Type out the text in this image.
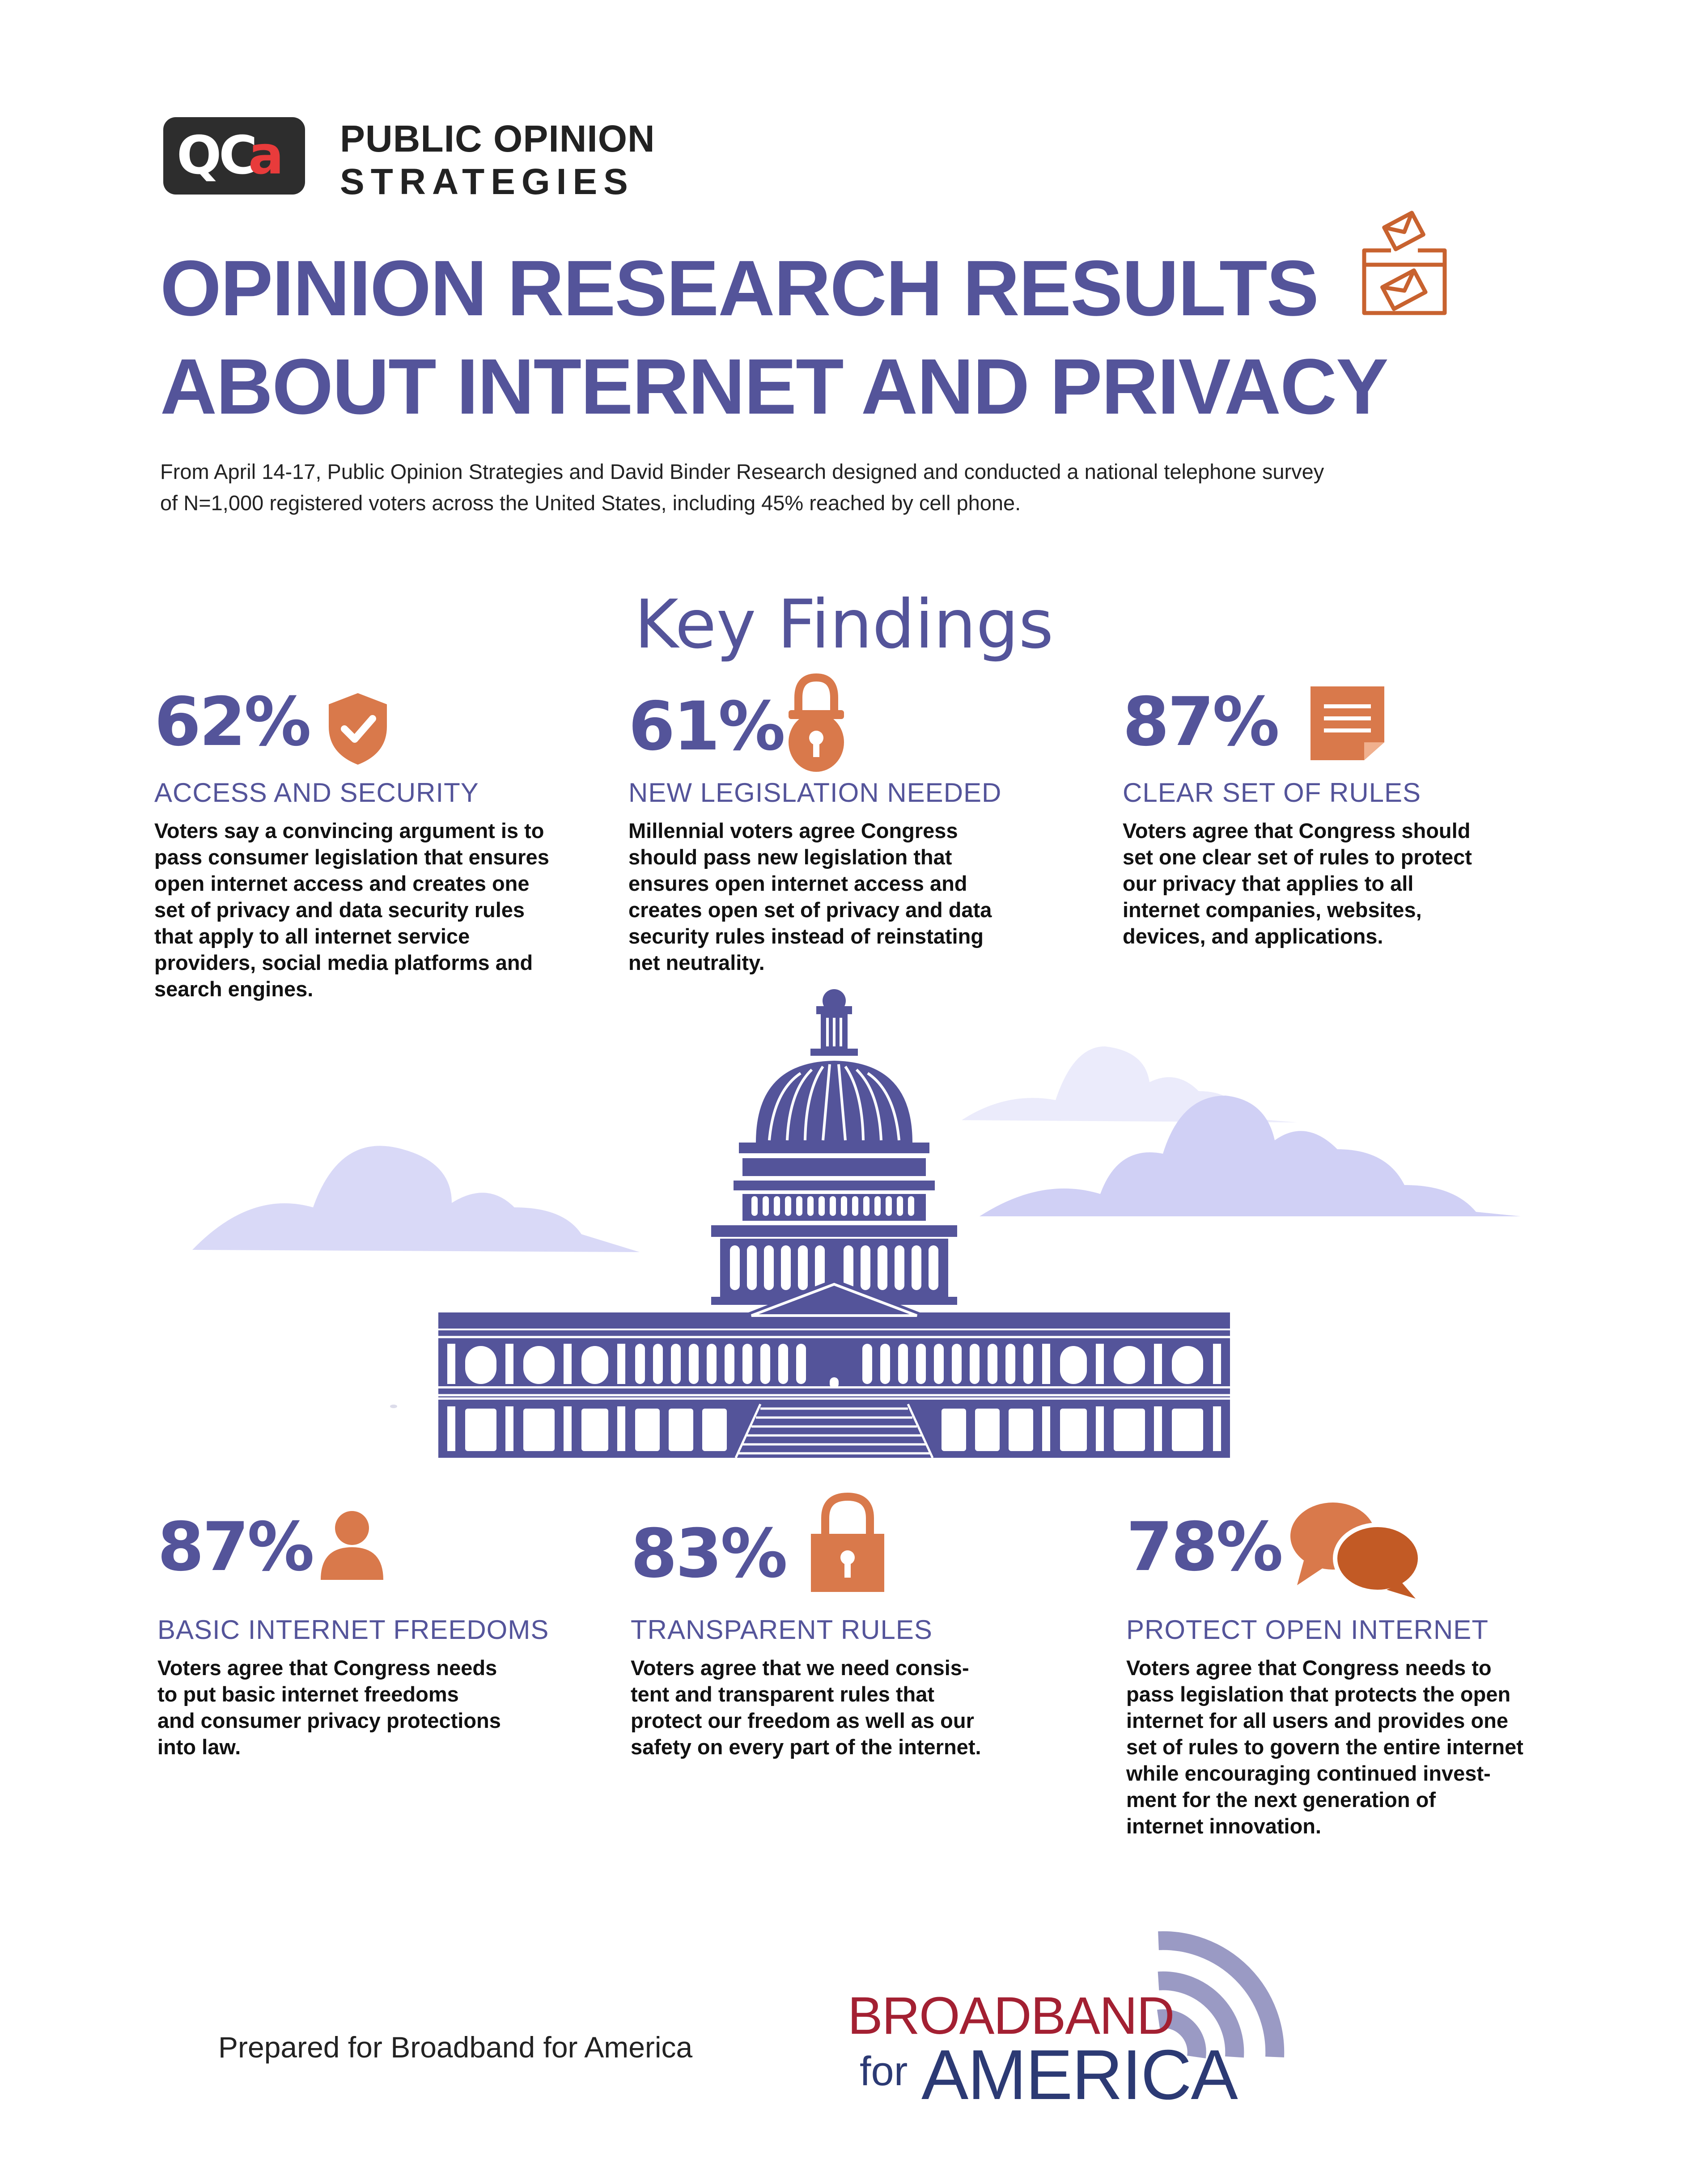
QC
a PUBLIC OPINION
STRATEGIES
OPINION RESEARCH RESULTS
ABOUT INTERNET AND PRIVACY
From April 14-17, Public Opinion Strategies and David Binder Research designed and conducted a national telephone survey
of N=1,000 registered voters across the United States, including 45% reached by cell phone.
Key Findings
62%
ACCESS AND SECURITY
Voters say a convincing argument is to
pass consumer legislation that ensures
open internet access and creates one
set of privacy and data security rules
that apply to all internet service
providers, social media platforms and
search engines.
61%
NEW LEGISLATION NEEDED
Millennial voters agree Congress
should pass new legislation that
ensures open internet access and
creates open set of privacy and data
security rules instead of reinstating
net neutrality.
87%
CLEAR SET OF RULES
Voters agree that Congress should
set one clear set of rules to protect
our privacy that applies to all
internet companies, websites,
devices, and applications.
87%
BASIC INTERNET FREEDOMS
Voters agree that Congress needs
to put basic internet freedoms
and consumer privacy protections
into law.
83%
TRANSPARENT RULES
Voters agree that we need consis-
tent and transparent rules that
protect our freedom as well as our
safety on every part of the internet.
78%
PROTECT OPEN INTERNET
Voters agree that Congress needs to
pass legislation that protects the open
internet for all users and provides one
set of rules to govern the entire internet
while encouraging continued invest-
ment for the next generation of
internet innovation.
Prepared for Broadband for America
BROADBAND
for AMERICA
